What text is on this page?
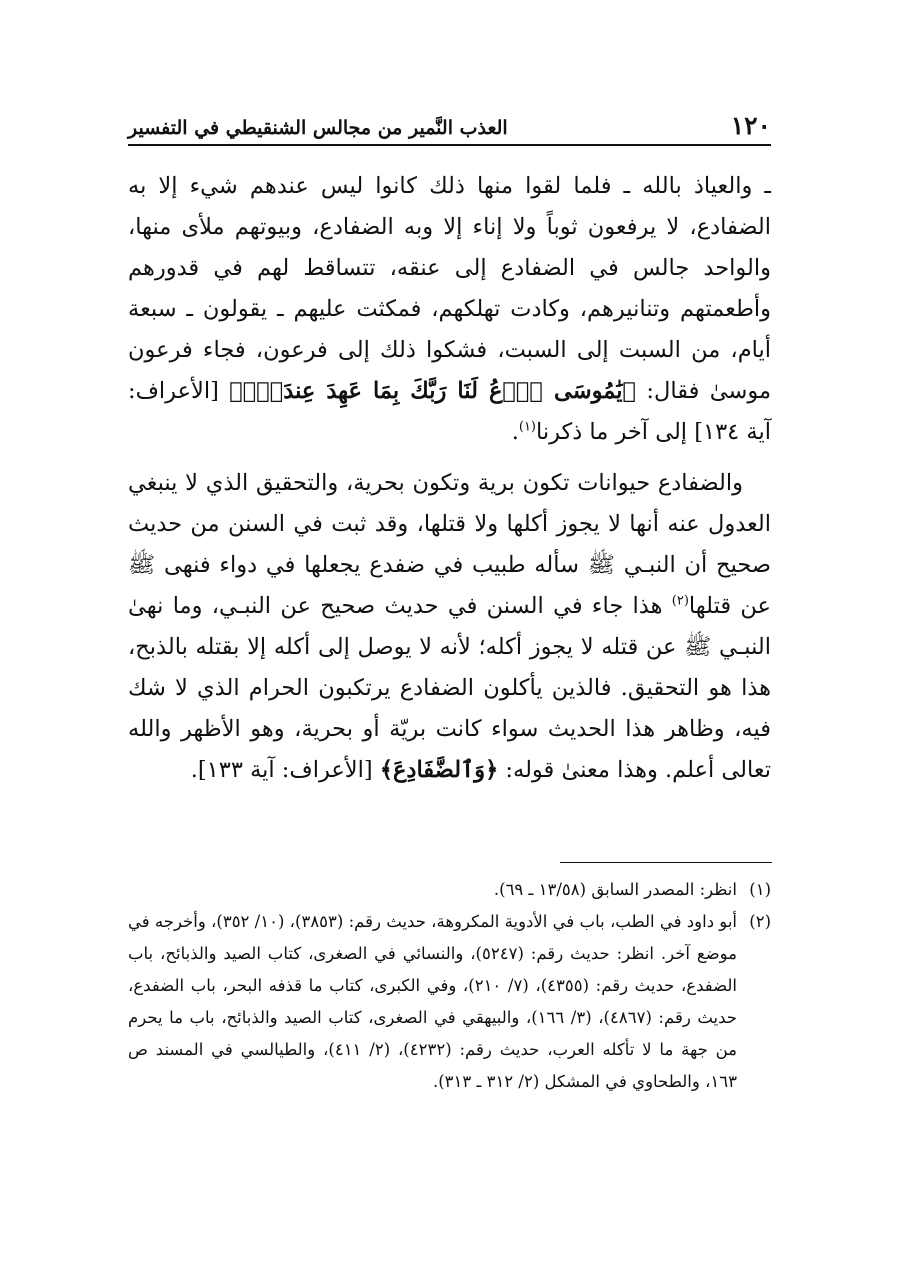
١٢٠
العذب النَّمير من مجالس الشنقيطي في التفسير

ـ والعياذ بالله ـ فلما لقوا منها ذلك كانوا ليس عندهم شيء إلا به الضفادع، لا يرفعون ثوباً ولا إناء إلا وبه الضفادع، وبيوتهم ملأى منها، والواحد جالس في الضفادع إلى عنقه، تتساقط لهم في قدورهم وأطعمتهم وتنانيرهم، وكادت تهلكهم، فمكثت عليهم ـ يقولون ـ سبعة أيام، من السبت إلى السبت، فشكوا ذلك إلى فرعون، فجاء فرعون موسىٰ فقال: ﴿يَٰمُوسَى ٱدۡعُ لَنَا رَبَّكَ بِمَا عَهِدَ عِندَكَۖ﴾ [الأعراف: آية ١٣٤] إلى آخر ما ذكرنا$^{(١)}$.

والضفادع حيوانات تكون برية وتكون بحرية، والتحقيق الذي لا ينبغي العدول عنه أنها لا يجوز أكلها ولا قتلها، وقد ثبت في السنن من حديث صحيح أن النبـي ﷺ سأله طبيب في ضفدع يجعلها في دواء فنهى ﷺ عن قتلها$^{(٢)}$ هذا جاء في السنن في حديث صحيح عن النبـي، وما نهىٰ النبـي ﷺ عن قتله لا يجوز أكله؛ لأنه لا يوصل إلى أكله إلا بقتله بالذبح، هذا هو التحقيق. فالذين يأكلون الضفادع يرتكبون الحرام الذي لا شك فيه، وظاهر هذا الحديث سواء كانت بريّة أو بحرية، وهو الأظهر والله تعالى أعلم. وهذا معنىٰ قوله: ﴿وَٱلضَّفَادِعَ﴾ [الأعراف: آية ١٣٣].

(١)
انظر: المصدر السابق (١٣/٥٨ ـ ٦٩).
(٢)
أبو داود في الطب، باب في الأدوية المكروهة، حديث رقم: (٣٨٥٣)، (١٠/ ٣٥٢)، وأخرجه في موضع آخر. انظر: حديث رقم: (٥٢٤٧)، والنسائي في الصغرى، كتاب الصيد والذبائح، باب الضفدع، حديث رقم: (٤٣٥٥)، (٧/ ٢١٠)، وفي الكبرى، كتاب ما قذفه البحر، باب الضفدع، حديث رقم: (٤٨٦٧)، (٣/ ١٦٦)، والبيهقي في الصغرى، كتاب الصيد والذبائح، باب ما يحرم من جهة ما لا تأكله العرب، حديث رقم: (٤٢٣٢)، (٢/ ٤١١)، والطيالسي في المسند ص ١٦٣، والطحاوي في المشكل (٢/ ٣١٢ ـ ٣١٣).
